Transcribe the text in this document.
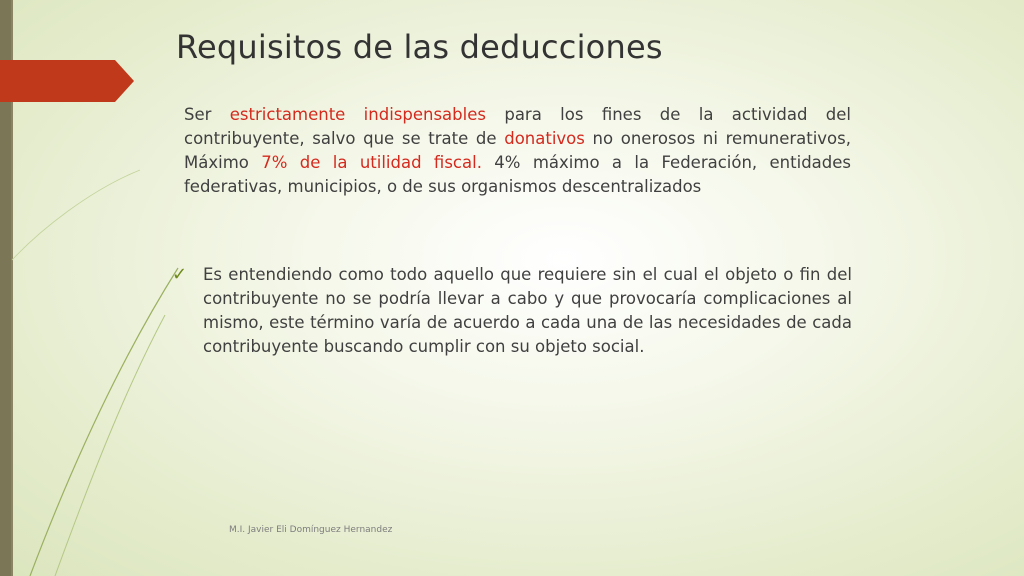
Requisitos de las deducciones
Ser estrictamente indispensables para los fines de la actividad del contribuyente, salvo que se trate de donativos no onerosos ni remunerativos, Máximo 7% de la utilidad fiscal. 4% máximo a la Federación, entidades federativas, municipios, o de sus organismos descentralizados
✓ Es entendiendo como todo aquello que requiere sin el cual el objeto o fin del contribuyente no se podría llevar a cabo y que provocaría complicaciones al mismo, este término varía de acuerdo a cada una de las necesidades de cada contribuyente buscando cumplir con su objeto social.
M.I. Javier Eli Domínguez Hernandez
